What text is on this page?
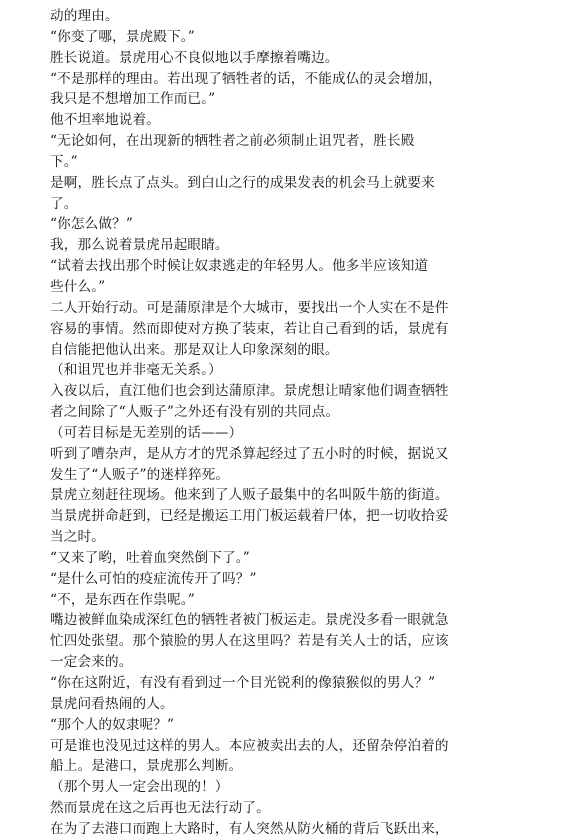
动的理由。
“你变了哪，景虎殿下。”
胜长说道。景虎用心不良似地以手摩擦着嘴边。
“不是那样的理由。若出现了牺牲者的话，不能成仏的灵会增加，
我只是不想增加工作而已。”
他不坦率地说着。
“无论如何，在出现新的牺牲者之前必须制止诅咒者，胜长殿
下。”
是啊，胜长点了点头。到白山之行的成果发表的机会马上就要来
了。
“你怎么做？”
我，那么说着景虎吊起眼睛。
“试着去找出那个时候让奴隶逃走的年轻男人。他多半应该知道
些什么。”
二人开始行动。可是蒲原津是个大城市，要找出一个人实在不是件
容易的事情。然而即使对方换了装束，若让自己看到的话，景虎有
自信能把他认出来。那是双让人印象深刻的眼。
（和诅咒也并非毫无关系。）
入夜以后，直江他们也会到达蒲原津。景虎想让晴家他们调查牺牲
者之间除了“人贩子”之外还有没有别的共同点。
（可若目标是无差别的话——）
听到了嘈杂声，是从方才的咒杀算起经过了五小时的时候，据说又
发生了“人贩子”的迷样猝死。
景虎立刻赶往现场。他来到了人贩子最集中的名叫阪牛筋的街道。
当景虎拼命赶到，已经是搬运工用门板运载着尸体，把一切收拾妥
当之时。
“又来了哟，吐着血突然倒下了。”
“是什么可怕的疫症流传开了吗？”
“不，是东西在作祟呢。”
嘴边被鲜血染成深红色的牺牲者被门板运走。景虎没多看一眼就急
忙四处张望。那个猿脸的男人在这里吗？若是有关人士的话，应该
一定会来的。
“你在这附近，有没有看到过一个目光锐利的像猿猴似的男人？”
景虎问看热闹的人。
“那个人的奴隶呢？”
可是谁也没见过这样的男人。本应被卖出去的人，还留杂停泊着的
船上。是港口，景虎那么判断。
（那个男人一定会出现的！）
然而景虎在这之后再也无法行动了。
在为了去港口而跑上大路时，有人突然从防火桶的背后飞跃出来，
